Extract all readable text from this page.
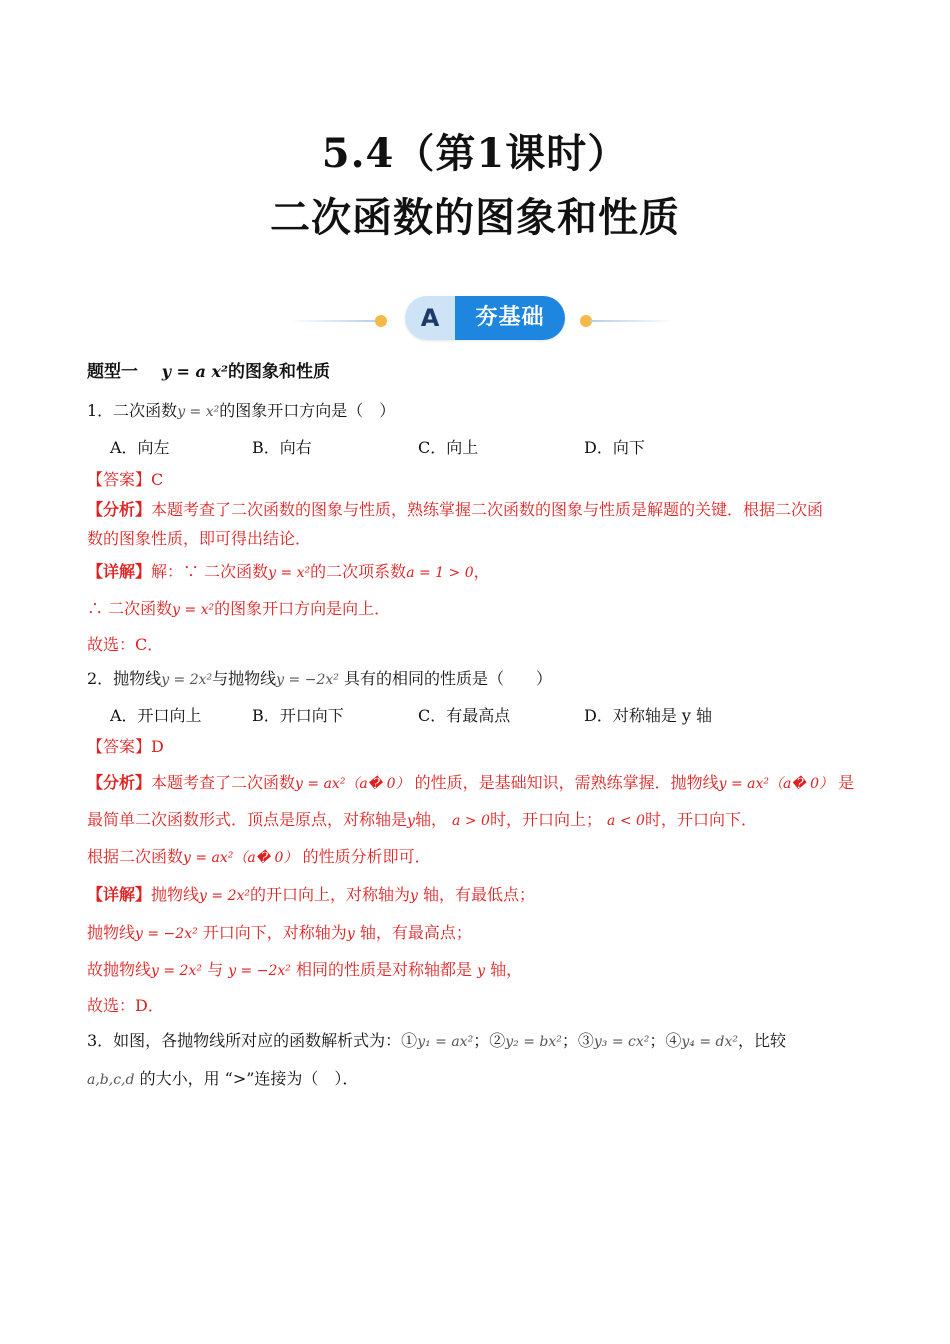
5.4（第1课时）
二次函数的图象和性质
A	夯基础
题型一 y = a x²的图象和性质
1．二次函数y = x²的图象开口方向是（　）
A．向左	B．向右	C．向上	D．向下
【答案】C
【分析】本题考查了二次函数的图象与性质，熟练掌握二次函数的图象与性质是解题的关键．根据二次函
数的图象性质，即可得出结论．
【详解】解：∵ 二次函数y = x²的二次项系数a = 1 > 0，
∴ 二次函数y = x²的图象开口方向是向上．
故选：C．
2．抛物线y = 2x²与抛物线y = −2x² 具有的相同的性质是（　　）
A．开口向上	B．开口向下	C．有最高点	D．对称轴是 y 轴
【答案】D
【分析】本题考查了二次函数y = ax²（a� 0） 的性质，是基础知识，需熟练掌握．抛物线y = ax²（a� 0） 是
最简单二次函数形式．顶点是原点，对称轴是y轴， a > 0时，开口向上； a < 0时，开口向下．
根据二次函数y = ax²（a� 0） 的性质分析即可．
【详解】抛物线y = 2x²的开口向上，对称轴为y 轴，有最低点；
抛物线y = −2x² 开口向下，对称轴为y 轴，有最高点；
故抛物线y = 2x² 与 y = −2x² 相同的性质是对称轴都是 y 轴，
故选：D．
3．如图，各抛物线所对应的函数解析式为：①y₁ = ax²；②y₂ = bx²；③y₃ = cx²；④y₄ = dx²，比较
a,b,c,d 的大小，用 “>”连接为（　）．
